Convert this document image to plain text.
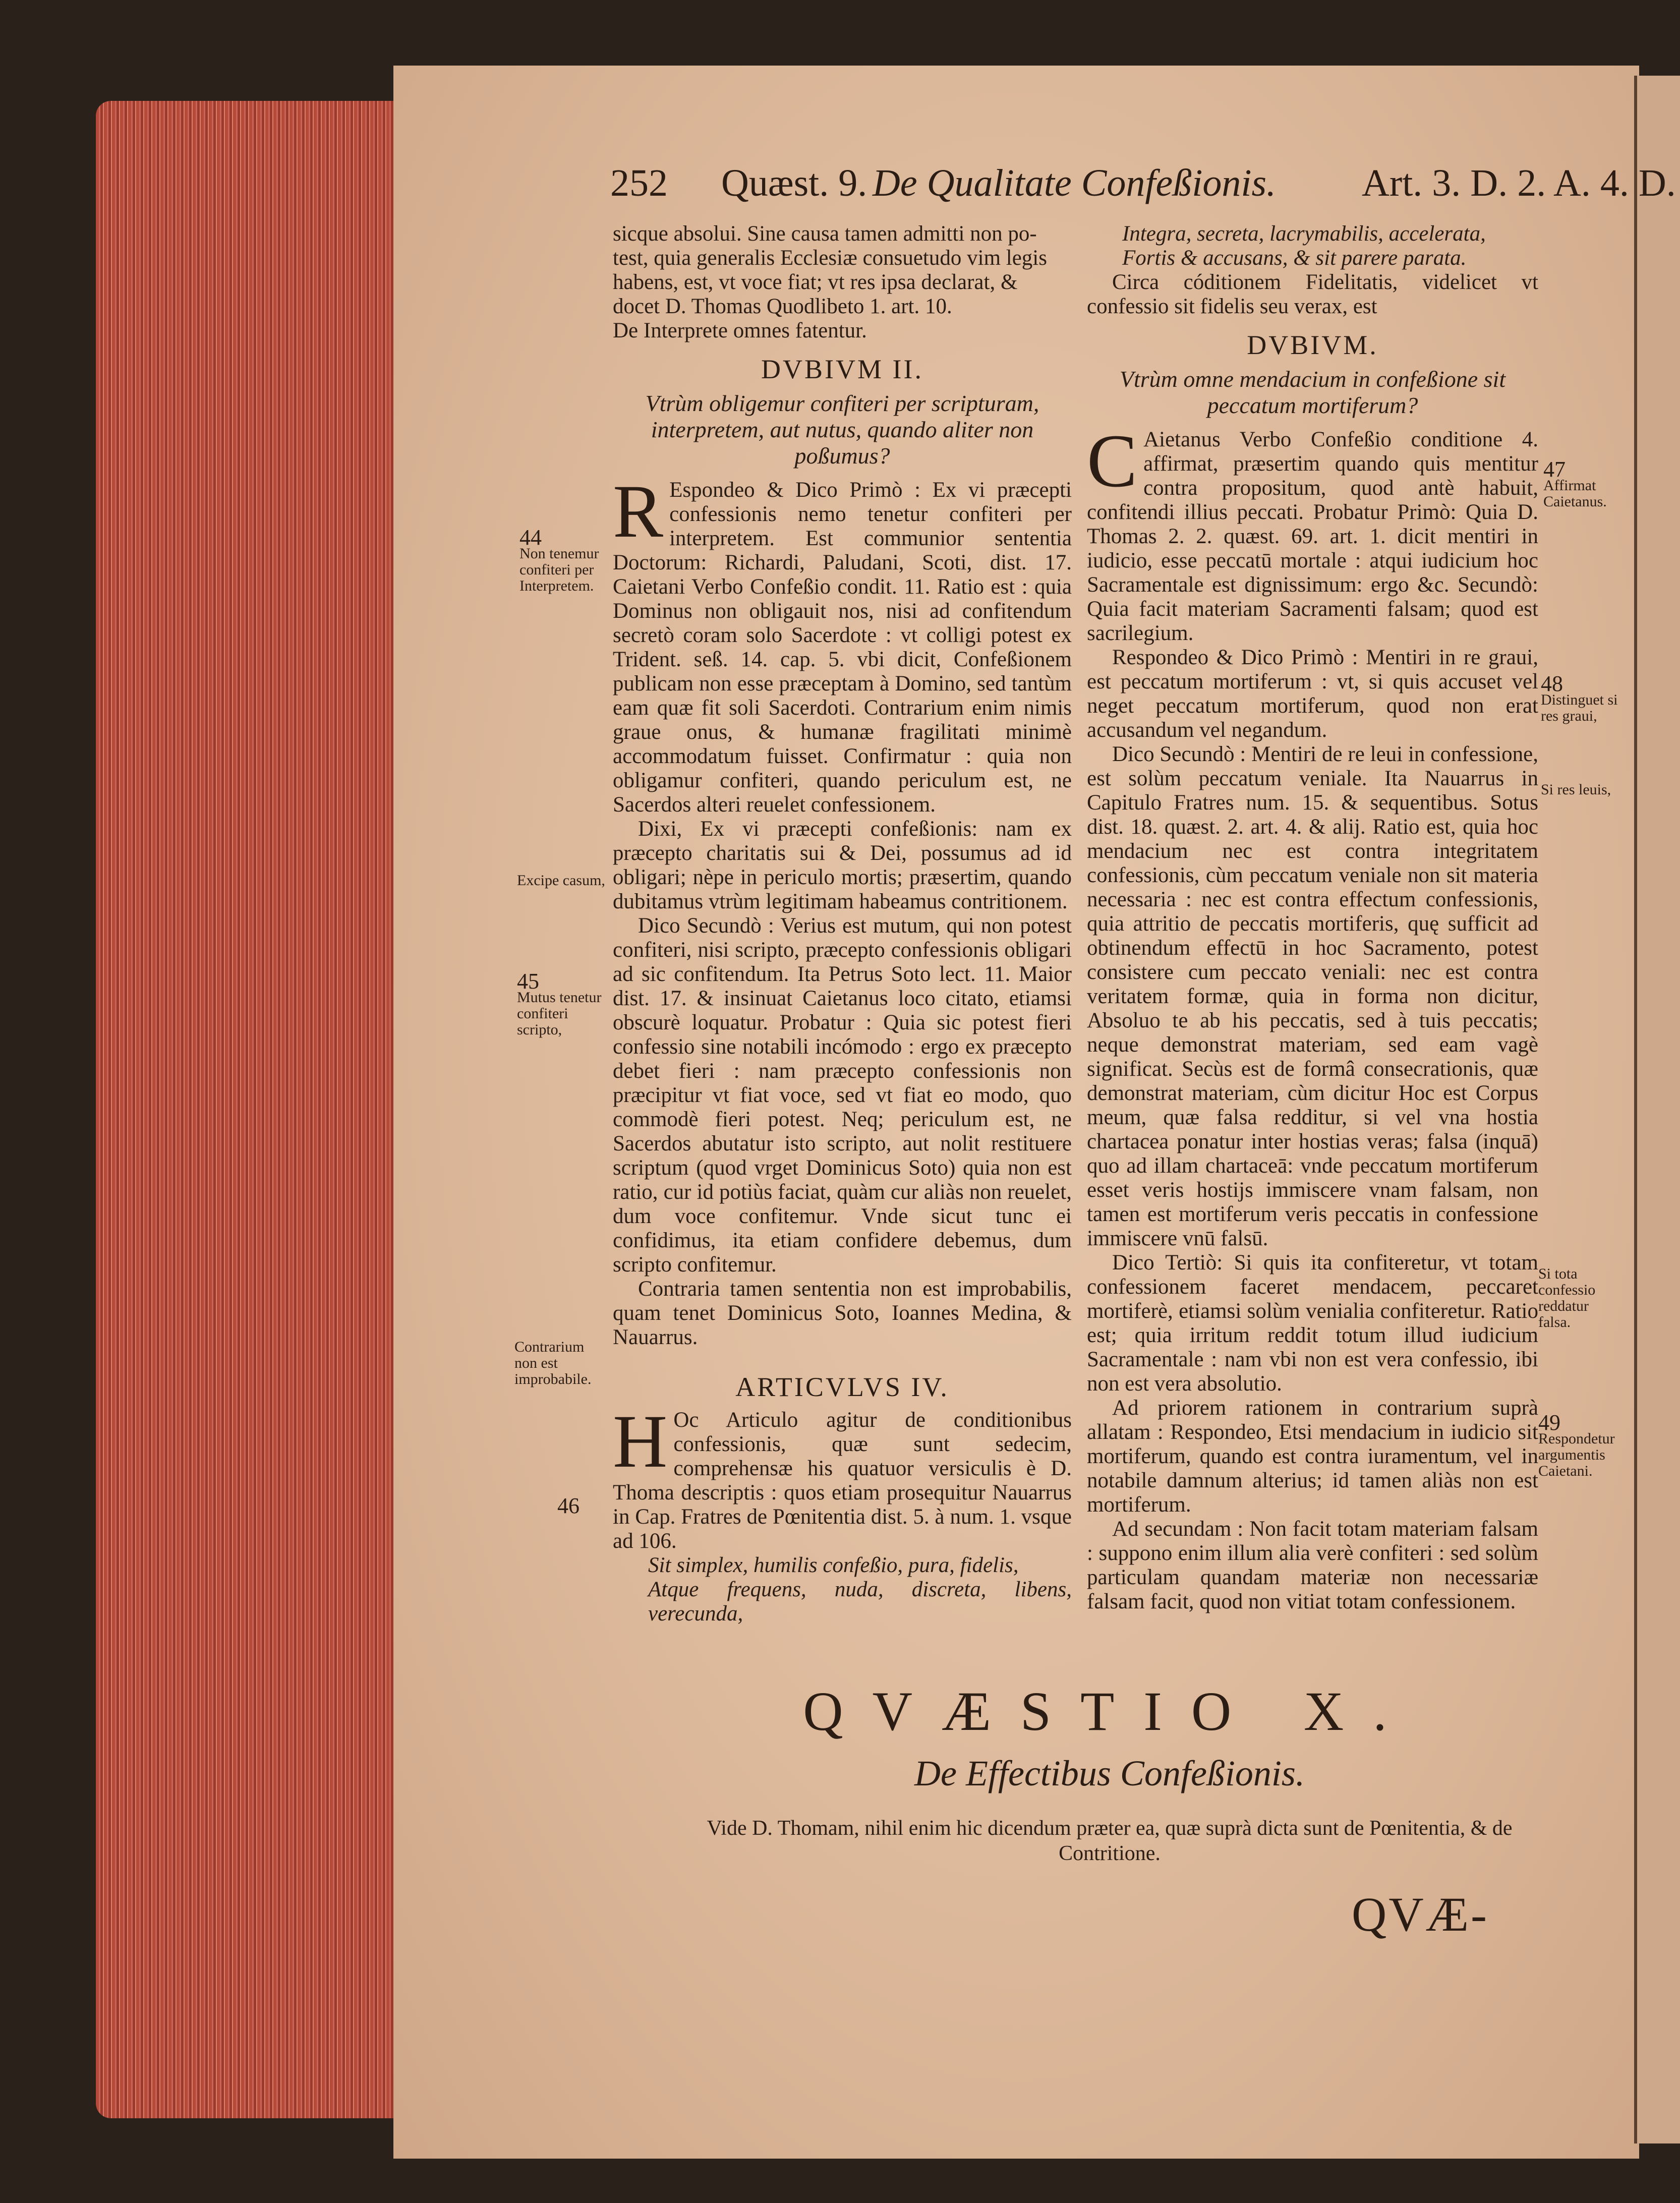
252 Quæst. 9. De Qualitate Confeßionis. Art. 3. D. 2. A. 4. D.

sicque absolui. Sine causa tamen admitti non po-

test, quia generalis Ecclesiæ consuetudo vim legis

habens, est, vt voce fiat; vt res ipsa declarat, &

docet D. Thomas Quodlibeto 1. art. 10.

De Interprete omnes fatentur.

DVBIVM II.
Vtrùm obligemur confiteri per scripturam, interpretem, aut nutus, quando aliter non poßumus?

R Espondeo & Dico Primò : Ex vi præcepti confessionis nemo tenetur confiteri per interpretem. Est communior sententia Doctorum: Richardi, Paludani, Scoti, dist. 17. Caietani Verbo Confeßio condit. 11. Ratio est : quia Dominus non obligauit nos, nisi ad confitendum secretò coram solo Sacerdote : vt colligi potest ex Trident. seß. 14. cap. 5. vbi dicit, Confeßionem publicam non esse præceptam à Domino, sed tantùm eam quæ fit soli Sacerdoti. Contrarium enim nimis graue onus, & humanæ fragilitati minimè accommodatum fuisset. Confirmatur : quia non obligamur confiteri, quando periculum est, ne Sacerdos alteri reuelet confessionem.

Dixi, Ex vi præcepti confeßionis: nam ex præcepto charitatis sui & Dei, possumus ad id obligari; nèpe in periculo mortis; præsertim, quando dubitamus vtrùm legitimam habeamus contritionem.

Dico Secundò : Verius est mutum, qui non potest confiteri, nisi scripto, præcepto confessionis obligari ad sic confitendum. Ita Petrus Soto lect. 11. Maior dist. 17. & insinuat Caietanus loco citato, etiamsi obscurè loquatur. Probatur : Quia sic potest fieri confessio sine notabili incómodo : ergo ex præcepto debet fieri : nam præcepto confessionis non præcipitur vt fiat voce, sed vt fiat eo modo, quo commodè fieri potest. Neq; periculum est, ne Sacerdos abutatur isto scripto, aut nolit restituere scriptum (quod vrget Dominicus Soto) quia non est ratio, cur id potiùs faciat, quàm cur aliàs non reuelet, dum voce confitemur. Vnde sicut tunc ei confidimus, ita etiam confidere debemus, dum scripto confitemur.

Contraria tamen sententia non est improbabilis, quam tenet Dominicus Soto, Ioannes Medina, & Nauarrus.

ARTICVLVS IV.

H Oc Articulo agitur de conditionibus confessionis, quæ sunt sedecim, comprehensæ his quatuor versiculis è D. Thoma descriptis : quos etiam prosequitur Nauarrus in Cap. Fratres de Pœnitentia dist. 5. à num. 1. vsque ad 106.

Sit simplex, humilis confeßio, pura, fidelis,

Atque frequens, nuda, discreta, libens, verecunda,

Integra, secreta, lacrymabilis, accelerata,

Fortis & accusans, & sit parere parata.

Circa códitionem Fidelitatis, videlicet vt confessio sit fidelis seu verax, est

DVBIVM.
Vtrùm omne mendacium in confeßione sit peccatum mortiferum?

C Aietanus Verbo Confeßio conditione 4. affirmat, præsertim quando quis mentitur contra propositum, quod antè habuit, confitendi illius peccati. Probatur Primò: Quia D. Thomas 2. 2. quæst. 69. art. 1. dicit mentiri in iudicio, esse peccatū mortale : atqui iudicium hoc Sacramentale est dignissimum: ergo &c. Secundò: Quia facit materiam Sacramenti falsam; quod est sacrilegium.

Respondeo & Dico Primò : Mentiri in re graui, est peccatum mortiferum : vt, si quis accuset vel neget peccatum mortiferum, quod non erat accusandum vel negandum.

Dico Secundò : Mentiri de re leui in confessione, est solùm peccatum veniale. Ita Nauarrus in Capitulo Fratres num. 15. & sequentibus. Sotus dist. 18. quæst. 2. art. 4. & alij. Ratio est, quia hoc mendacium nec est contra integritatem confessionis, cùm peccatum veniale non sit materia necessaria : nec est contra effectum confessionis, quia attritio de peccatis mortiferis, quę sufficit ad obtinendum effectū in hoc Sacramento, potest consistere cum peccato veniali: nec est contra veritatem formæ, quia in forma non dicitur, Absoluo te ab his peccatis, sed à tuis peccatis; neque demonstrat materiam, sed eam vagè significat. Secùs est de formâ consecrationis, quæ demonstrat materiam, cùm dicitur Hoc est Corpus meum, quæ falsa redditur, si vel vna hostia chartacea ponatur inter hostias veras; falsa (inquā) quo ad illam chartaceā: vnde peccatum mortiferum esset veris hostijs immiscere vnam falsam, non tamen est mortiferum veris peccatis in confessione immiscere vnū falsū.

Dico Tertiò: Si quis ita confiteretur, vt totam confessionem faceret mendacem, peccaret mortiferè, etiamsi solùm venialia confiteretur. Ratio est; quia irritum reddit totum illud iudicium Sacramentale : nam vbi non est vera confessio, ibi non est vera absolutio.

Ad priorem rationem in contrarium suprà allatam : Respondeo, Etsi mendacium in iudicio sit mortiferum, quando est contra iuramentum, vel in notabile damnum alterius; id tamen aliàs non est mortiferum.

Ad secundam : Non facit totam materiam falsam : suppono enim illum alia verè confiteri : sed solùm particulam quandam materiæ non necessariæ falsam facit, quod non vitiat totam confessionem.

44
Non tenemur confiteri per Interpretem.
Excipe casum,
45
Mutus tenetur confiteri scripto,
Contrarium non est improbabile.
46
47
Affirmat Caietanus.
48
Distinguet si res graui,
Si res leuis,
Si tota confessio reddatur falsa.
49
Respondetur argumentis Caietani.
QVÆSTIO X.
De Effectibus Confeßionis.
Vide D. Thomam, nihil enim hic dicendum præter ea, quæ suprà dicta sunt de Pœnitentia, & de Contritione.
QVÆ-
